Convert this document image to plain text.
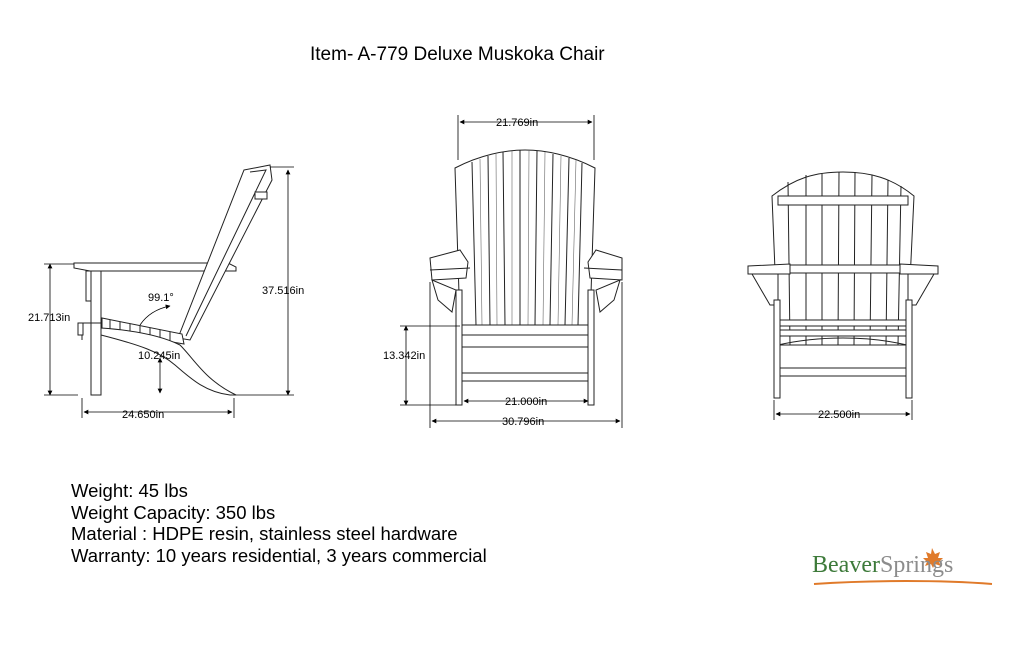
Item- A-779 Deluxe Muskoka Chair
21.713in
37.516in
10.245in
24.650in
99.1°
21.769in
13.342in
21.000in
30.796in
22.500in
Weight: 45 lbs
Weight Capacity: 350 lbs
Material : HDPE resin, stainless steel hardware
Warranty: 10 years residential, 3 years commercial	BeaverSprings
